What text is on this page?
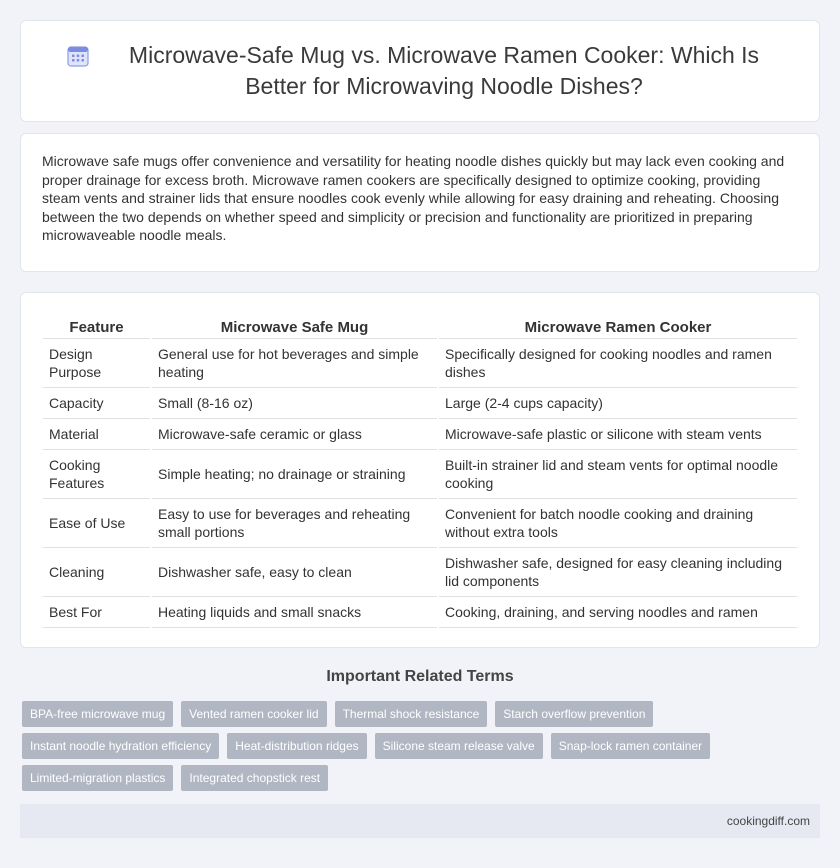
Microwave-Safe Mug vs. Microwave Ramen Cooker: Which Is Better for Microwaving Noodle Dishes?

Microwave safe mugs offer convenience and versatility for heating noodle dishes quickly but may lack even cooking and proper drainage for excess broth. Microwave ramen cookers are specifically designed to optimize cooking, providing steam vents and strainer lids that ensure noodles cook evenly while allowing for easy draining and reheating. Choosing between the two depends on whether speed and simplicity or precision and functionality are prioritized in preparing microwaveable noodle meals.

Feature	Microwave Safe Mug	Microwave Ramen Cooker
Design Purpose	General use for hot beverages and simple heating	Specifically designed for cooking noodles and ramen dishes
Capacity	Small (8-16 oz)	Large (2-4 cups capacity)
Material	Microwave-safe ceramic or glass	Microwave-safe plastic or silicone with steam vents
Cooking Features	Simple heating; no drainage or straining	Built-in strainer lid and steam vents for optimal noodle cooking
Ease of Use	Easy to use for beverages and reheating small portions	Convenient for batch noodle cooking and draining without extra tools
Cleaning	Dishwasher safe, easy to clean	Dishwasher safe, designed for easy cleaning including lid components
Best For	Heating liquids and small snacks	Cooking, draining, and serving noodles and ramen
Important Related Terms
BPA-free microwave mug	Vented ramen cooker lid	Thermal shock resistance	Starch overflow prevention
Instant noodle hydration efficiency	Heat-distribution ridges	Silicone steam release valve	Snap-lock ramen container
Limited-migration plastics	Integrated chopstick rest
cookingdiff.com
